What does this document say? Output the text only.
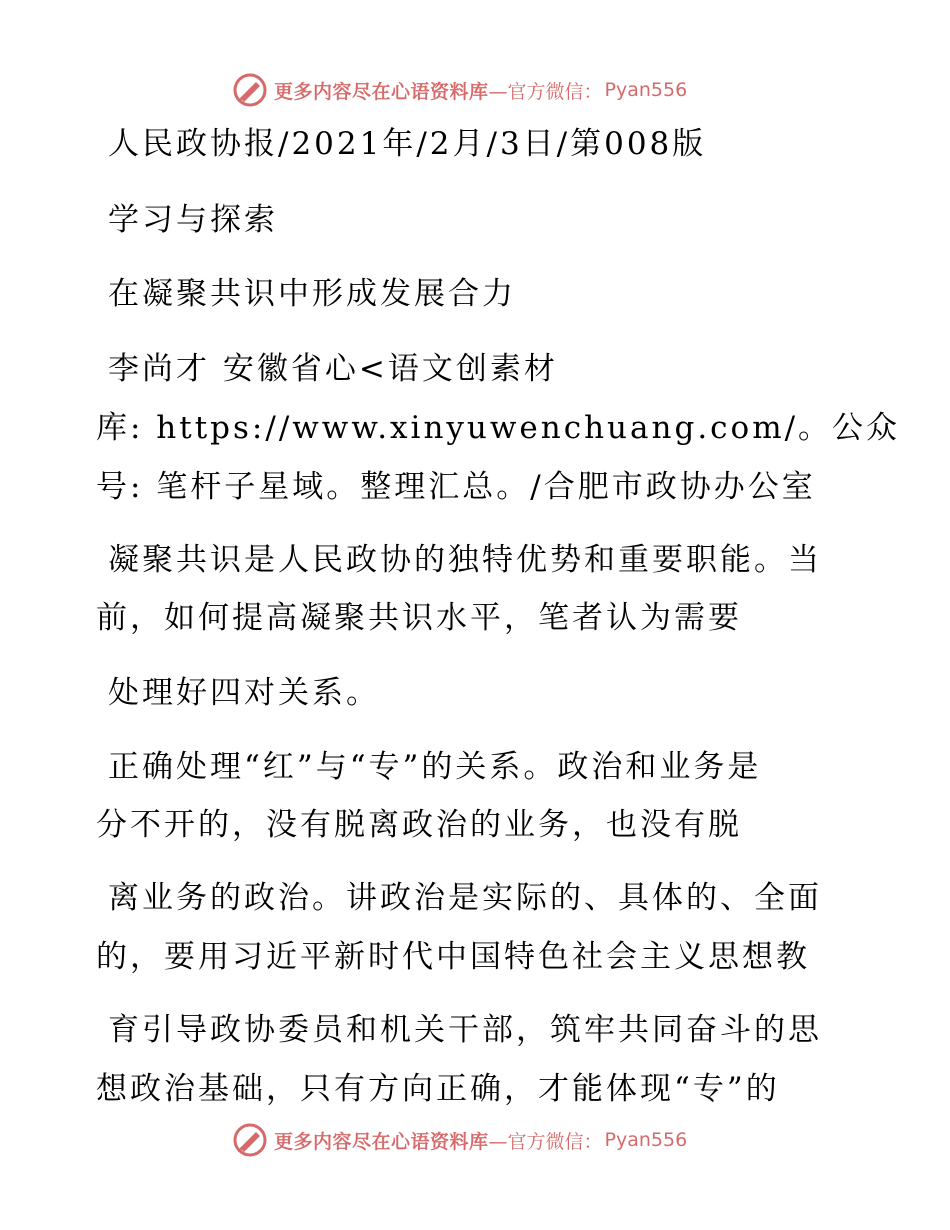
更多内容尽在心语资料库 —官方微信： Pyan556
人民政协报/2021年/2月/3日/第008版
学习与探索
在凝聚共识中形成发展合力
李尚才 安徽省心<语文创素材
库: https://www.xinyuwenchuang.com/。公众
号: 笔杆子星域。整理汇总。/合肥市政协办公室
凝聚共识是人民政协的独特优势和重要职能。当
前，如何提高凝聚共识水平，笔者认为需要
处理好四对关系。
正确处理“红”与“专”的关系。政治和业务是
分不开的，没有脱离政治的业务，也没有脱
离业务的政治。讲政治是实际的、具体的、全面
的，要用习近平新时代中国特色社会主义思想教
育引导政协委员和机关干部，筑牢共同奋斗的思
想政治基础，只有方向正确，才能体现“专”的
更多内容尽在心语资料库 —官方微信： Pyan556
